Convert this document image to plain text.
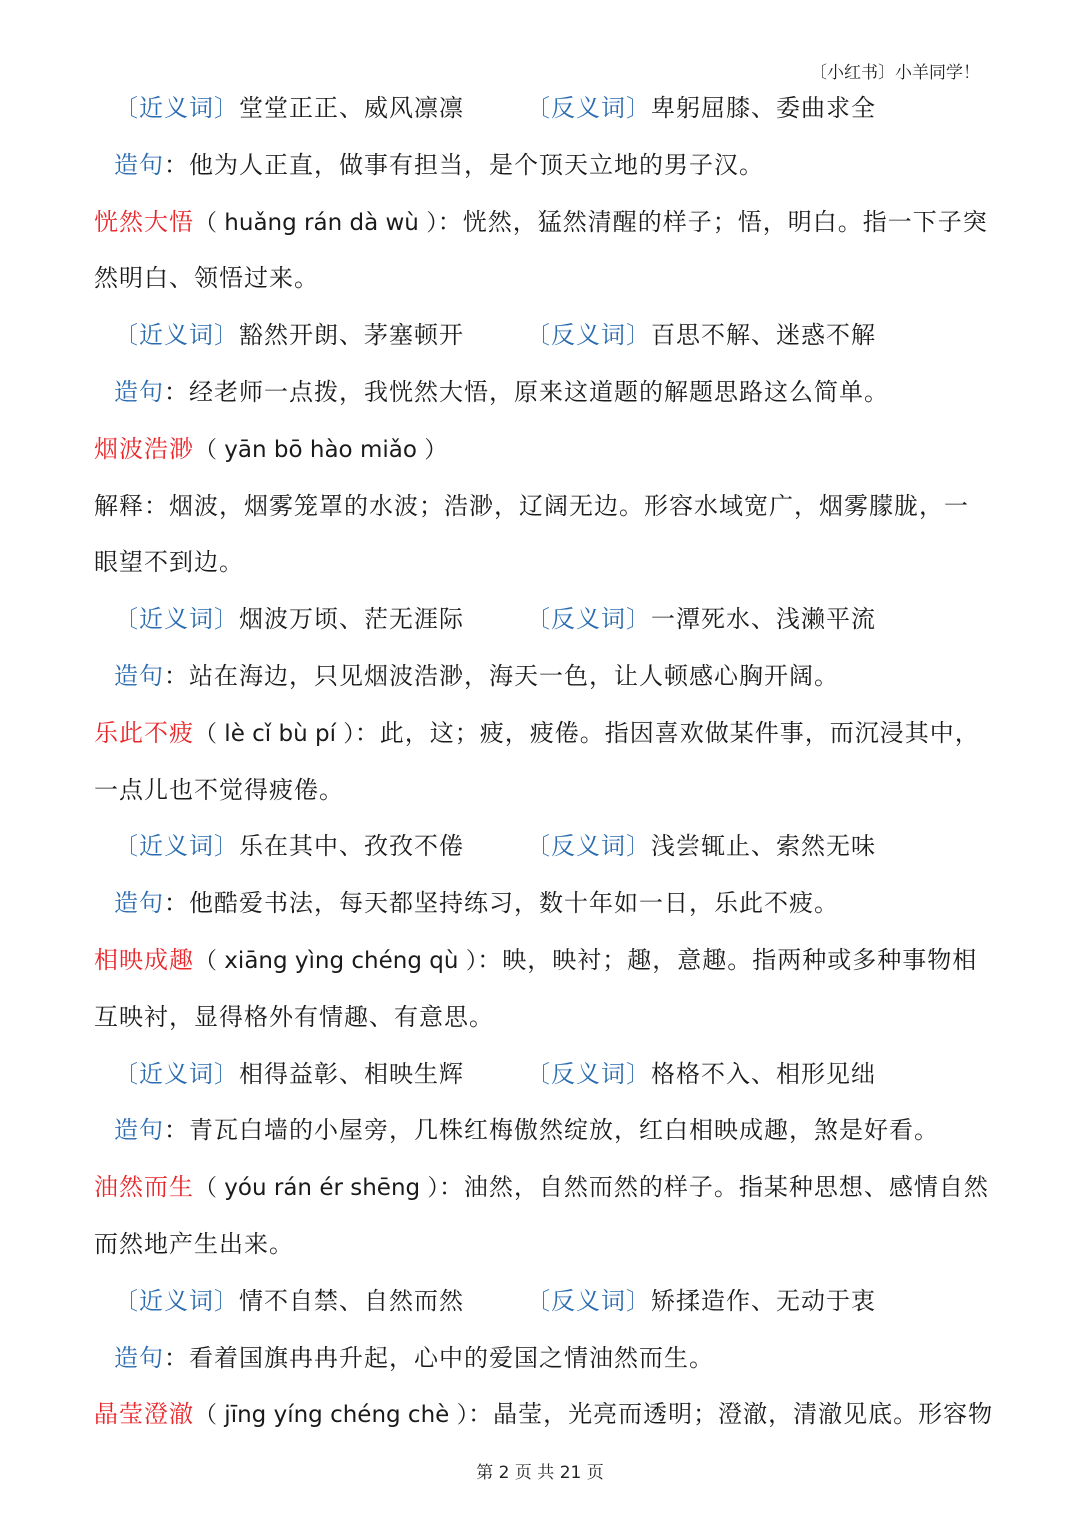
〔小红书〕小羊同学！
〔近义词〕堂堂正正、威风凛凛	〔反义词〕卑躬屈膝、委曲求全
造句：他为人正直，做事有担当，是个顶天立地的男子汉。
恍然大悟（ huǎng rán dà wù ）：恍然，猛然清醒的样子；悟，明白。指一下子突
然明白、领悟过来。
〔近义词〕豁然开朗、茅塞顿开	〔反义词〕百思不解、迷惑不解
造句：经老师一点拨，我恍然大悟，原来这道题的解题思路这么简单。
烟波浩渺（ yān bō hào miǎo ）
解释：烟波，烟雾笼罩的水波；浩渺，辽阔无边。形容水域宽广，烟雾朦胧，一
眼望不到边。
〔近义词〕烟波万顷、茫无涯际	〔反义词〕一潭死水、浅濑平流
造句：站在海边，只见烟波浩渺，海天一色，让人顿感心胸开阔。
乐此不疲（ lè cǐ bù pí ）：此，这；疲，疲倦。指因喜欢做某件事，而沉浸其中，
一点儿也不觉得疲倦。
〔近义词〕乐在其中、孜孜不倦	〔反义词〕浅尝辄止、索然无味
造句：他酷爱书法，每天都坚持练习，数十年如一日，乐此不疲。
相映成趣（ xiāng yìng chéng qù ）：映，映衬；趣，意趣。指两种或多种事物相
互映衬，显得格外有情趣、有意思。
〔近义词〕相得益彰、相映生辉	〔反义词〕格格不入、相形见绌
造句：青瓦白墙的小屋旁，几株红梅傲然绽放，红白相映成趣，煞是好看。
油然而生（ yóu rán ér shēng ）：油然，自然而然的样子。指某种思想、感情自然
而然地产生出来。
〔近义词〕情不自禁、自然而然	〔反义词〕矫揉造作、无动于衷
造句：看着国旗冉冉升起，心中的爱国之情油然而生。
晶莹澄澈（ jīng yíng chéng chè ）：晶莹，光亮而透明；澄澈，清澈见底。形容物
第 2 页 共 21 页
